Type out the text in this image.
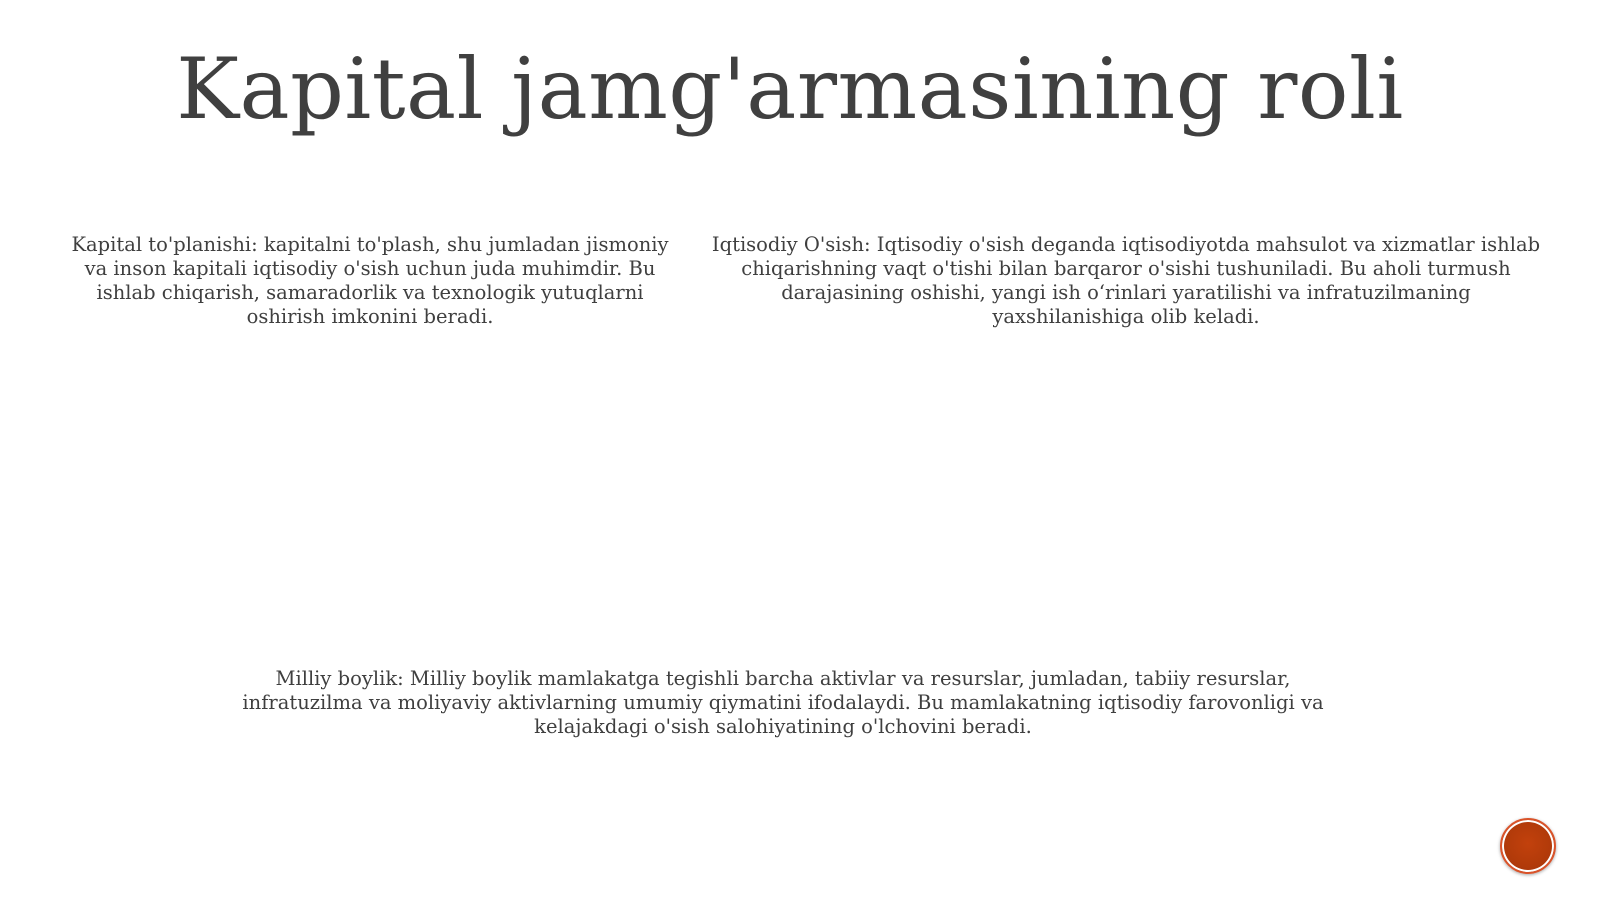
Kapital jamg'armasining roli

Kapital to'planishi: kapitalni to'plash, shu jumladan jismoniy va inson kapitali iqtisodiy o'sish uchun juda muhimdir. Bu ishlab chiqarish, samaradorlik va texnologik yutuqlarni oshirish imkonini beradi.

Iqtisodiy O'sish: Iqtisodiy o'sish deganda iqtisodiyotda mahsulot va xizmatlar ishlab chiqarishning vaqt o'tishi bilan barqaror o'sishi tushuniladi. Bu aholi turmush darajasining oshishi, yangi ish o‘rinlari yaratilishi va infratuzilmaning yaxshilanishiga olib keladi.

Milliy boylik: Milliy boylik mamlakatga tegishli barcha aktivlar va resurslar, jumladan, tabiiy resurslar, infratuzilma va moliyaviy aktivlarning umumiy qiymatini ifodalaydi. Bu mamlakatning iqtisodiy farovonligi va kelajakdagi o'sish salohiyatining o'lchovini beradi.
